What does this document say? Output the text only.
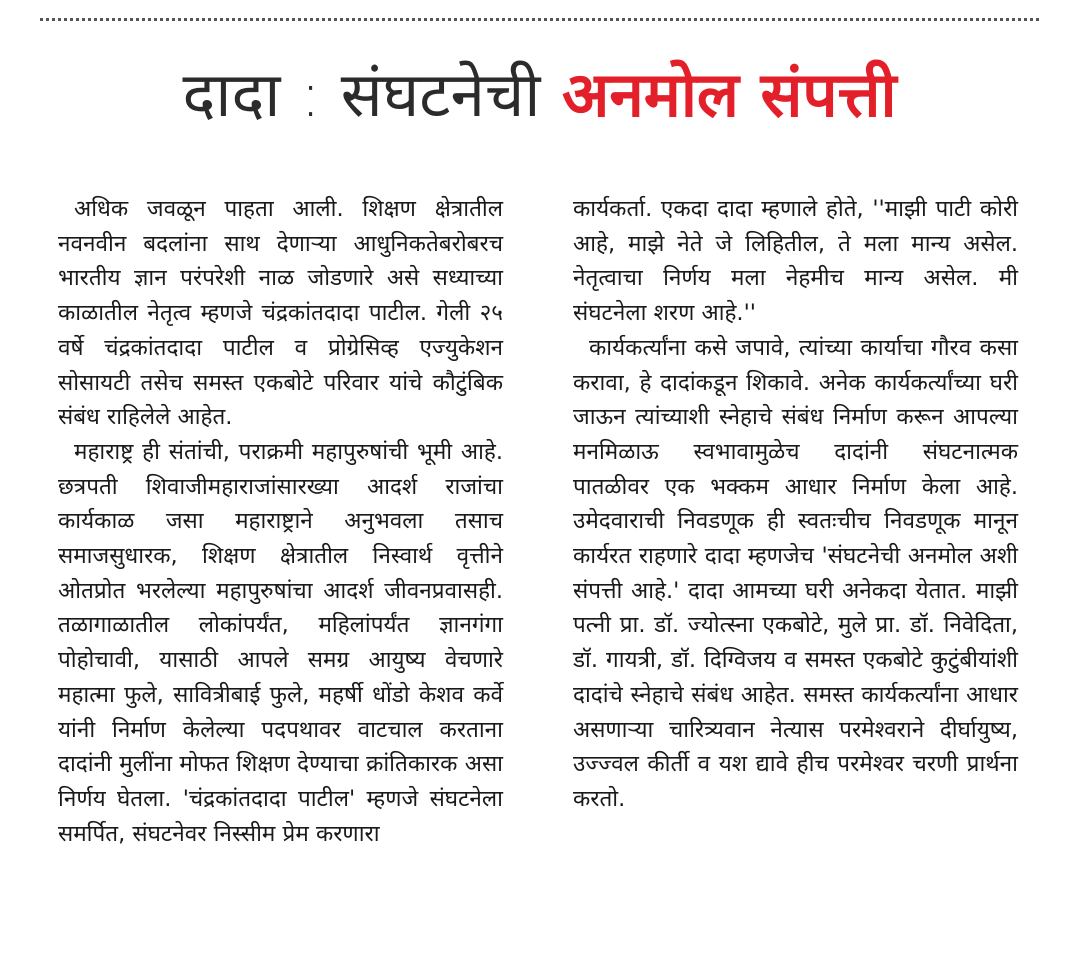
दादा : संघटनेची अनमोल संपत्ती

अधिक जवळून पाहता आली. शिक्षण क्षेत्रातील नवनवीन बदलांना साथ देणाऱ्या आधुनिकतेबरोबरच भारतीय ज्ञान परंपरेशी नाळ जोडणारे असे सध्याच्या काळातील नेतृत्व म्हणजे चंद्रकांतदादा पाटील. गेली २५ वर्षे चंद्रकांतदादा पाटील व प्रोग्रेसिव्ह एज्युकेशन सोसायटी तसेच समस्त एकबोटे परिवार यांचे कौटुंबिक संबंध राहिलेले आहेत.

महाराष्ट्र ही संतांची, पराक्रमी महापुरुषांची भूमी आहे. छत्रपती शिवाजीमहाराजांसारख्या आदर्श राजांचा कार्यकाळ जसा महाराष्ट्राने अनुभवला तसाच समाजसुधारक, शिक्षण क्षेत्रातील निस्वार्थ वृत्तीने ओतप्रोत भरलेल्या महापुरुषांचा आदर्श जीवनप्रवासही. तळागाळातील लोकांपर्यंत, महिलांपर्यंत ज्ञानगंगा पोहोचावी, यासाठी आपले समग्र आयुष्य वेचणारे महात्मा फुले, सावित्रीबाई फुले, महर्षी धोंडो केशव कर्वे यांनी निर्माण केलेल्या पदपथावर वाटचाल करताना दादांनी मुलींना मोफत शिक्षण देण्याचा क्रांतिकारक असा निर्णय घेतला. 'चंद्रकांतदादा पाटील' म्हणजे संघटनेला समर्पित, संघटनेवर निस्सीम प्रेम करणारा

कार्यकर्ता. एकदा दादा म्हणाले होते, ''माझी पाटी कोरी आहे, माझे नेते जे लिहितील, ते मला मान्य असेल. नेतृत्वाचा निर्णय मला नेहमीच मान्य असेल. मी संघटनेला शरण आहे.''

कार्यकर्त्यांना कसे जपावे, त्यांच्या कार्याचा गौरव कसा करावा, हे दादांकडून शिकावे. अनेक कार्यकर्त्यांच्या घरी जाऊन त्यांच्याशी स्नेहाचे संबंध निर्माण करून आपल्या मनमिळाऊ स्वभावामुळेच दादांनी संघटनात्मक पातळीवर एक भक्कम आधार निर्माण केला आहे. उमेदवाराची निवडणूक ही स्वतःचीच निवडणूक मानून कार्यरत राहणारे दादा म्हणजेच 'संघटनेची अनमोल अशी संपत्ती आहे.' दादा आमच्या घरी अनेकदा येतात. माझी पत्नी प्रा. डॉ. ज्योत्स्ना एकबोटे, मुले प्रा. डॉ. निवेदिता, डॉ. गायत्री, डॉ. दिग्विजय व समस्त एकबोटे कुटुंबीयांशी दादांचे स्नेहाचे संबंध आहेत. समस्त कार्यकर्त्यांना आधार असणाऱ्या चारित्र्यवान नेत्यास परमेश्वराने दीर्घायुष्य, उज्ज्वल कीर्ती व यश द्यावे हीच परमेश्वर चरणी प्रार्थना करतो.
